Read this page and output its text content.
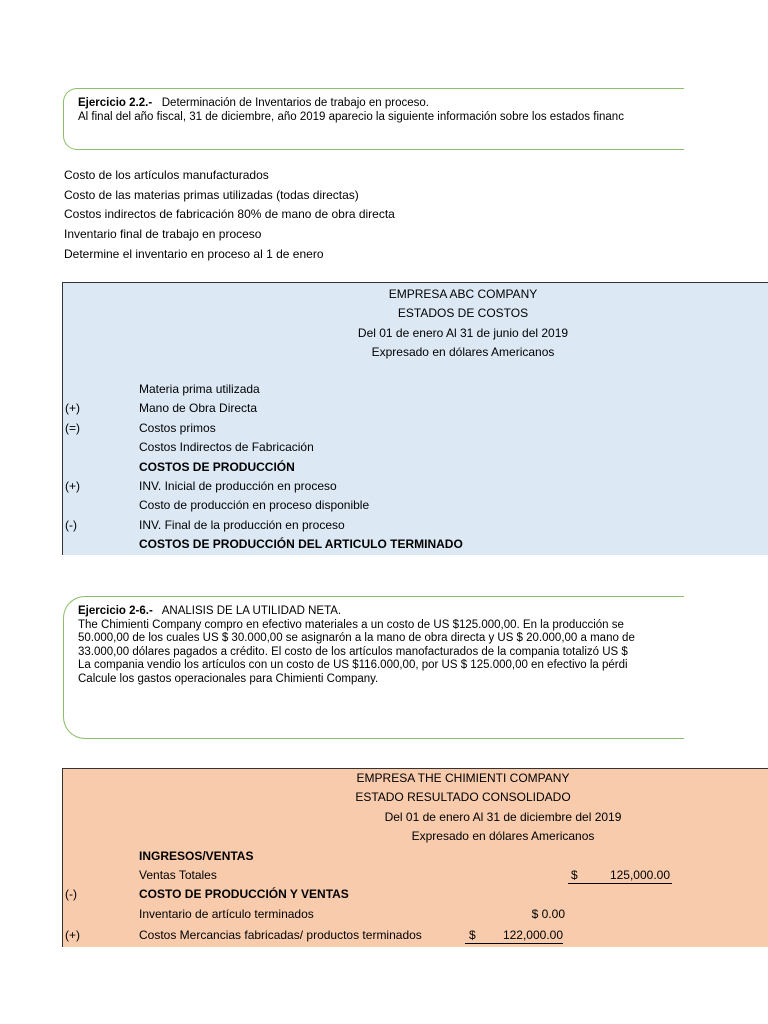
Ejercicio 2.2.- Determinación de Inventarios de trabajo en proceso.
Al final del año fiscal, 31 de diciembre, año 2019 aparecio la siguiente información sobre los estados financ
Costo de los artículos manufacturados
Costo de las materias primas utilizadas (todas directas)
Costos indirectos de fabricación 80% de mano de obra directa
Inventario final de trabajo en proceso
Determine el inventario en proceso al 1 de enero
EMPRESA ABC COMPANY
ESTADOS DE COSTOS
Del 01 de enero Al 31 de junio del 2019
Expresado en dólares Americanos
Materia prima utilizada
(+)	Mano de Obra Directa
(=)	Costos primos
Costos Indirectos de Fabricación
COSTOS DE PRODUCCIÓN
(+)	INV. Inicial de producción en proceso
Costo de producción en proceso disponible
(-)	INV. Final de la producción en proceso
COSTOS DE PRODUCCIÓN DEL ARTICULO TERMINADO
Ejercicio 2-6.- ANALISIS DE LA UTILIDAD NETA.
The Chimienti Company compro en efectivo materiales a un costo de US $125.000,00. En la producción se
50.000,00 de los cuales US $ 30.000,00 se asignarón a la mano de obra directa y US $ 20.000,00 a mano de
33.000,00 dólares pagados a crédito. El costo de los artículos manofacturados de la compania totalizó US $
La compania vendio los artículos con un costo de US $116.000,00, por US $ 125.000,00 en efectivo la pérdi
Calcule los gastos operacionales para Chimienti Company.
EMPRESA THE CHIMIENTI COMPANY
ESTADO RESULTADO CONSOLIDADO
Del 01 de enero Al 31 de diciembre del 2019
Expresado en dólares Americanos
INGRESOS/VENTAS
Ventas Totales	$	125,000.00
(-)	COSTO DE PRODUCCIÓN Y VENTAS
Inventario de artículo terminados	$ 0.00
(+)	Costos Mercancias fabricadas/ productos terminados	$ 122,000.00
